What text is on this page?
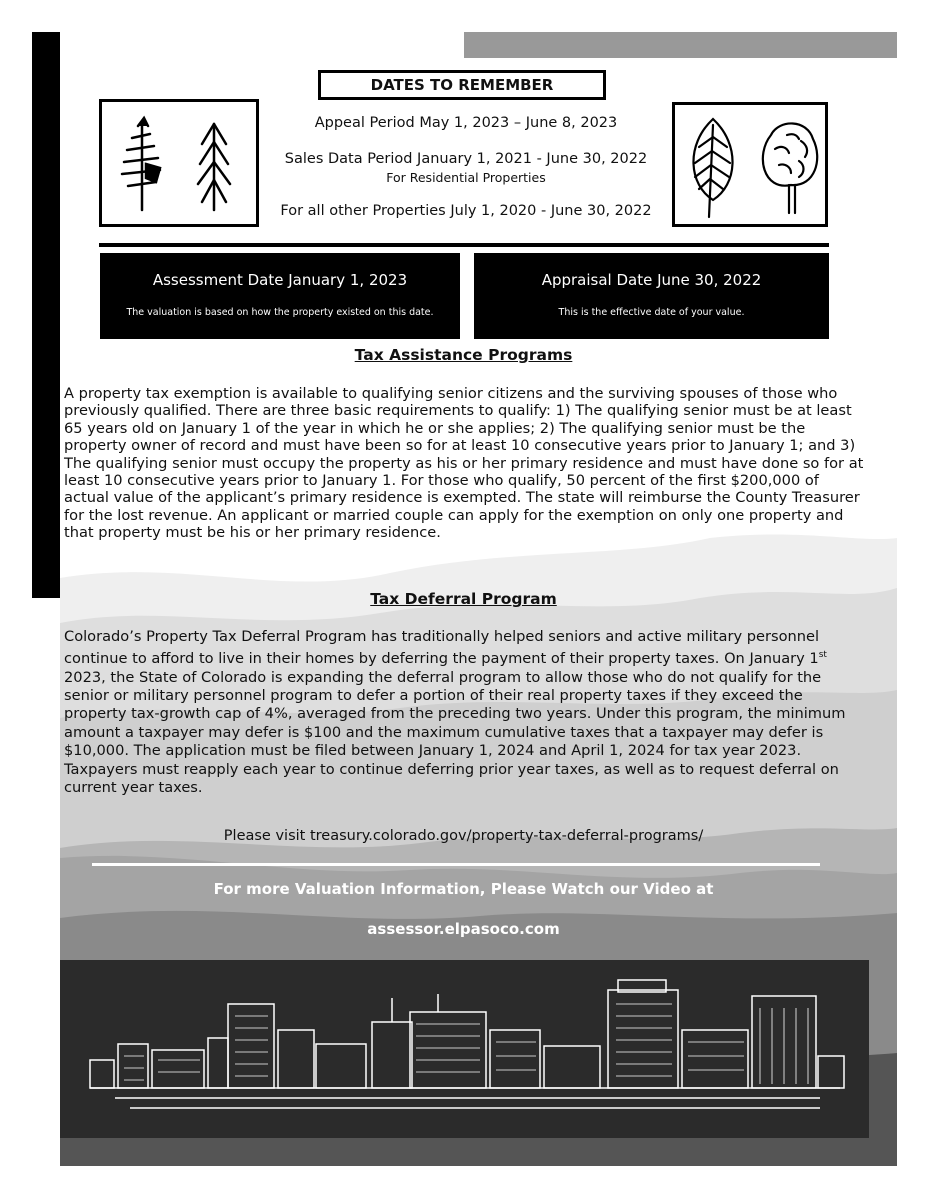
DATES TO REMEMBER
Appeal Period May 1, 2023 – June 8, 2023
Sales Data Period January 1, 2021 - June 30, 2022
For Residential Properties
For all other Properties July 1, 2020 - June 30, 2022
Assessment Date January 1, 2023
The valuation is based on how the property existed on this date.
Appraisal Date June 30, 2022
This is the effective date of your value.
Tax Assistance Programs
A property tax exemption is available to qualifying senior citizens and the surviving spouses of those who previously qualified. There are three basic requirements to qualify: 1) The qualifying senior must be at least 65 years old on January 1 of the year in which he or she applies; 2) The qualifying senior must be the property owner of record and must have been so for at least 10 consecutive years prior to January 1; and 3) The qualifying senior must occupy the property as his or her primary residence and must have done so for at least 10 consecutive years prior to January 1. For those who qualify, 50 percent of the first $200,000 of actual value of the applicant’s primary residence is exempted. The state will reimburse the County Treasurer for the lost revenue. An applicant or married couple can apply for the exemption on only one property and that property must be his or her primary residence.
Tax Deferral Program
Colorado’s Property Tax Deferral Program has traditionally helped seniors and active military personnel continue to afford to live in their homes by deferring the payment of their property taxes. On January 1st 2023, the State of Colorado is expanding the deferral program to allow those who do not qualify for the senior or military personnel program to defer a portion of their real property taxes if they exceed the property tax-growth cap of 4%, averaged from the preceding two years. Under this program, the minimum amount a taxpayer may defer is $100 and the maximum cumulative taxes that a taxpayer may defer is $10,000. The application must be filed between January 1, 2024 and April 1, 2024 for tax year 2023. Taxpayers must reapply each year to continue deferring prior year taxes, as well as to request deferral on current year taxes.
Please visit treasury.colorado.gov/property-tax-deferral-programs/
For more Valuation Information, Please Watch our Video at
assessor.elpasoco.com
